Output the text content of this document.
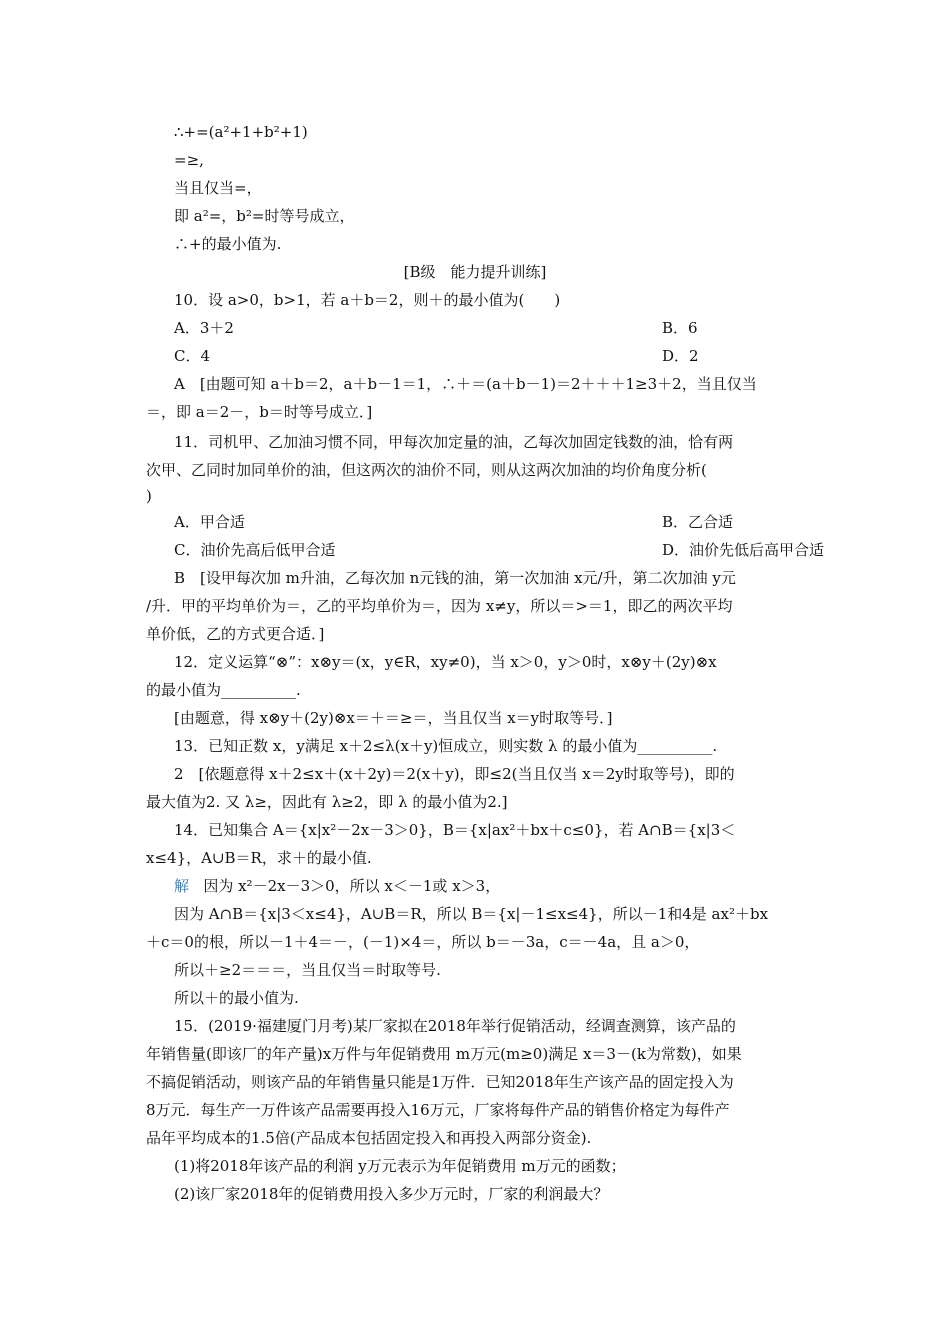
∴+=(a²+1+b²+1)
=≥,
当且仅当=，
即 a²=，b²=时等号成立，
∴+的最小值为.
[B级　能力提升训练]
10．设 a>0，b>1，若 a＋b＝2，则＋的最小值为(　　)
A．3＋2	B．6
C．4	D．2
A　[由题可知 a＋b＝2，a＋b－1＝1，∴＋＝(a＋b－1)＝2＋＋＋1≥3＋2，当且仅当
＝，即 a＝2－，b＝时等号成立．]
11．司机甲、乙加油习惯不同，甲每次加定量的油，乙每次加固定钱数的油，恰有两
次甲、乙同时加同单价的油，但这两次的油价不同，则从这两次加油的均价角度分析(
)
A．甲合适	B．乙合适
C．油价先高后低甲合适	D．油价先低后高甲合适
B　[设甲每次加 m升油，乙每次加 n元钱的油，第一次加油 x元/升，第二次加油 y元
/升．甲的平均单价为＝，乙的平均单价为＝，因为 x≠y，所以＝>＝1，即乙的两次平均
单价低，乙的方式更合适．]
12．定义运算“⊗”：x⊗y＝(x，y∈R，xy≠0)，当 x＞0，y＞0时，x⊗y＋(2y)⊗x
的最小值为__________.
[由题意，得 x⊗y＋(2y)⊗x＝＋＝≥＝，当且仅当 x＝y时取等号．]
13．已知正数 x，y满足 x＋2≤λ(x＋y)恒成立，则实数 λ 的最小值为__________.
2　[依题意得 x＋2≤x＋(x＋2y)＝2(x＋y)，即≤2(当且仅当 x＝2y时取等号)，即的
最大值为2. 又 λ≥，因此有 λ≥2，即 λ 的最小值为2.]
14．已知集合 A＝{x|x²－2x－3＞0}，B＝{x|ax²＋bx＋c≤0}，若 A∩B＝{x|3＜
x≤4}，A∪B＝R，求＋的最小值.
解 因为 x²－2x－3＞0，所以 x＜－1或 x＞3，
因为 A∩B＝{x|3＜x≤4}，A∪B＝R，所以 B＝{x|－1≤x≤4}，所以－1和4是 ax²＋bx
＋c＝0的根，所以－1＋4＝－，(－1)×4＝，所以 b＝－3a，c＝－4a，且 a＞0，
所以＋≥2＝＝＝，当且仅当＝时取等号.
所以＋的最小值为.
15．(2019·福建厦门月考)某厂家拟在2018年举行促销活动，经调查测算，该产品的
年销售量(即该厂的年产量)x万件与年促销费用 m万元(m≥0)满足 x＝3－(k为常数)，如果
不搞促销活动，则该产品的年销售量只能是1万件．已知2018年生产该产品的固定投入为
8万元．每生产一万件该产品需要再投入16万元，厂家将每件产品的销售价格定为每件产
品年平均成本的1.5倍(产品成本包括固定投入和再投入两部分资金).
(1)将2018年该产品的利润 y万元表示为年促销费用 m万元的函数；
(2)该厂家2018年的促销费用投入多少万元时，厂家的利润最大？
